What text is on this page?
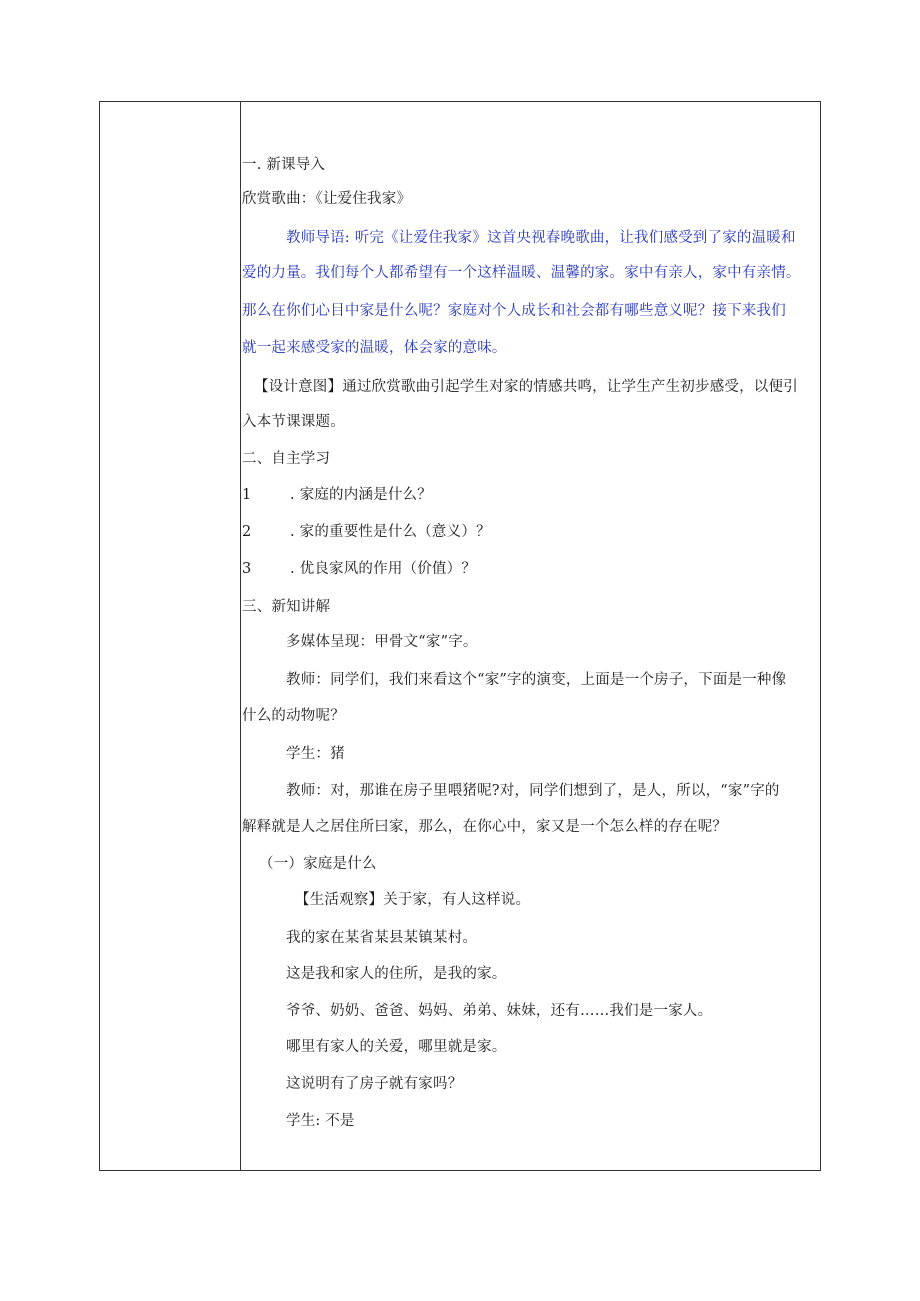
一. 新课导入
欣赏歌曲：《让爱住我家》
教师导语: 听完《让爱住我家》这首央视春晚歌曲，让我们感受到了家的温暖和
爱的力量。我们每个人都希望有一个这样温暖、温馨的家。家中有亲人，家中有亲情。
那么在你们心目中家是什么呢？家庭对个人成长和社会都有哪些意义呢？接下来我们
就一起来感受家的温暖，体会家的意味。
【设计意图】通过欣赏歌曲引起学生对家的情感共鸣，让学生产生初步感受，以便引
入本节课课题。
二、自主学习
1	. 家庭的内涵是什么？
2	. 家的重要性是什么（意义）？
3	. 优良家风的作用（价值）？
三、新知讲解
多媒体呈现：甲骨文“家”字。
教师：同学们，我们来看这个“家”字的演变，上面是一个房子，下面是一种像
什么的动物呢？
学生：猪
教师：对，那谁在房子里喂猪呢?对，同学们想到了，是人，所以，“家”字的
解释就是人之居住所曰家，那么，在你心中，家又是一个怎么样的存在呢？
（一）家庭是什么
【生活观察】关于家，有人这样说。
我的家在某省某县某镇某村。
这是我和家人的住所，是我的家。
爷爷、奶奶、爸爸、妈妈、弟弟、妹妹，还有……我们是一家人。
哪里有家人的关爱，哪里就是家。
这说明有了房子就有家吗？
学生: 不是
